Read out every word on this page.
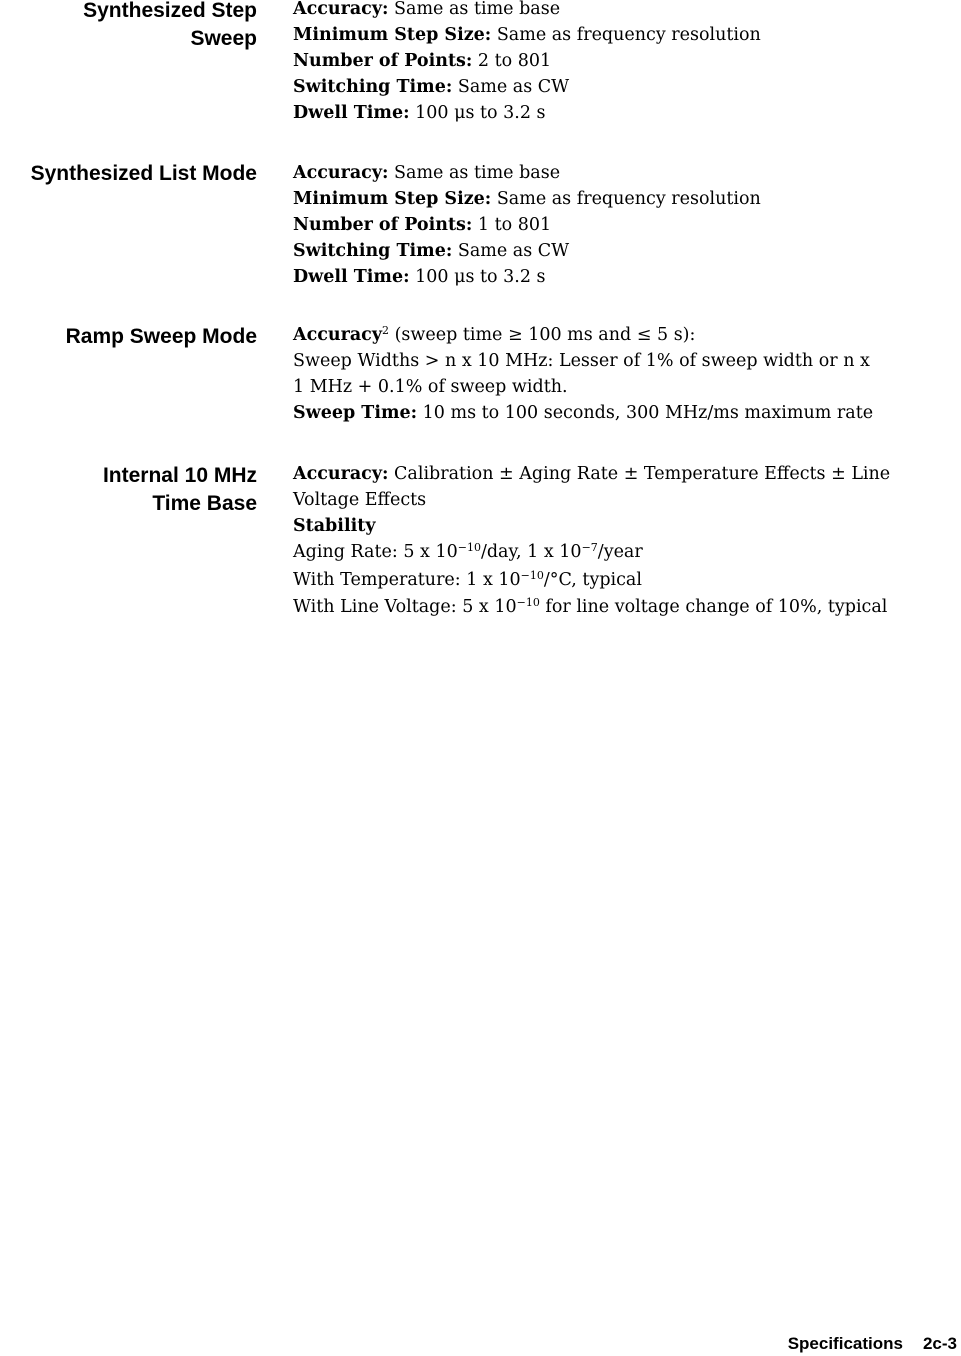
Synthesized Step
Sweep
Accuracy: Same as time base
Minimum Step Size: Same as frequency resolution
Number of Points: 2 to 801
Switching Time: Same as CW
Dwell Time: 100 μs to 3.2 s
Synthesized List Mode Accuracy: Same as time base
Minimum Step Size: Same as frequency resolution
Number of Points: 1 to 801
Switching Time: Same as CW
Dwell Time: 100 μs to 3.2 s
Ramp Sweep Mode Accuracy$^2$ (sweep time ≥ 100 ms and ≤ 5 s):
Sweep Widths > n x 10 MHz: Lesser of 1% of sweep width or n x
1 MHz + 0.1% of sweep width.
Sweep Time: 10 ms to 100 seconds, 300 MHz/ms maximum rate
Internal 10 MHz
Time Base
Accuracy: Calibration ± Aging Rate ± Temperature Effects ± Line
Voltage Effects
Stability
Aging Rate: 5 x $10^{-10}$/day, 1 x $10^{-7}$/year
With Temperature: 1 x $10^{-10}/^\circ C$, typical
With Line Voltage: 5 x $10^{-10}$ for line voltage change of 10%, typical
Specifications 2c-3
